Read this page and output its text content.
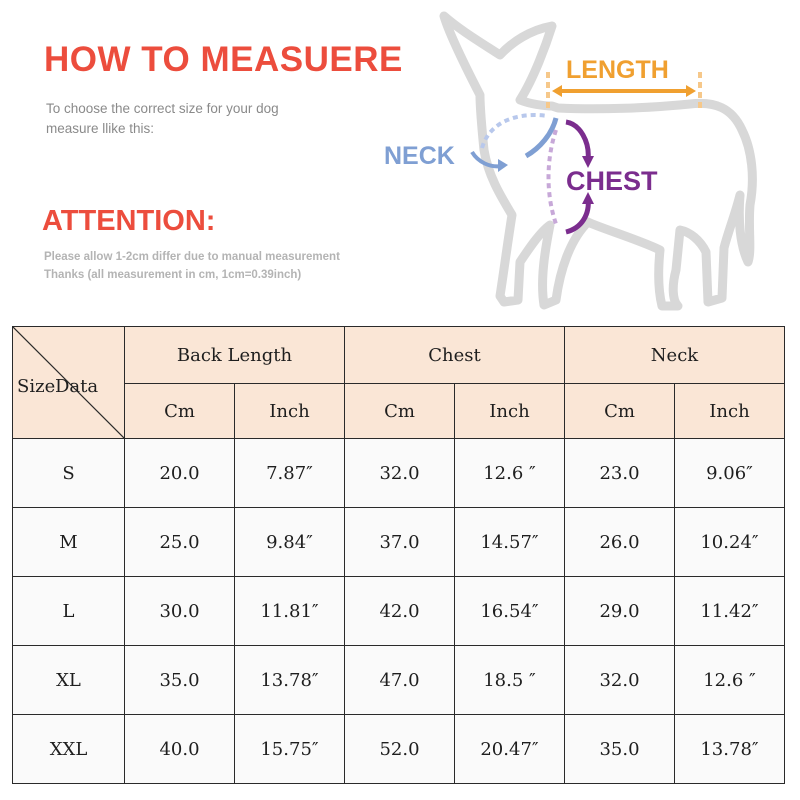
HOW TO MEASUERE
To choose the correct size for your dog
measure llike this:
ATTENTION:
Please allow 1-2cm differ due to manual measurement
Thanks (all measurement in cm, 1cm=0.39inch)
LENGTH
NECK
CHEST
Size Data	Back Length		Chest		Neck	
	Cm	Inch	Cm	Inch	Cm	Inch
S	20.0	7.87″	32.0	12.6 ″	23.0	9.06″
M	25.0	9.84″	37.0	14.57″	26.0	10.24″
L	30.0	11.81″	42.0	16.54″	29.0	11.42″
XL	35.0	13.78″	47.0	18.5 ″	32.0	12.6 ″
XXL	40.0	15.75″	52.0	20.47″	35.0	13.78″
